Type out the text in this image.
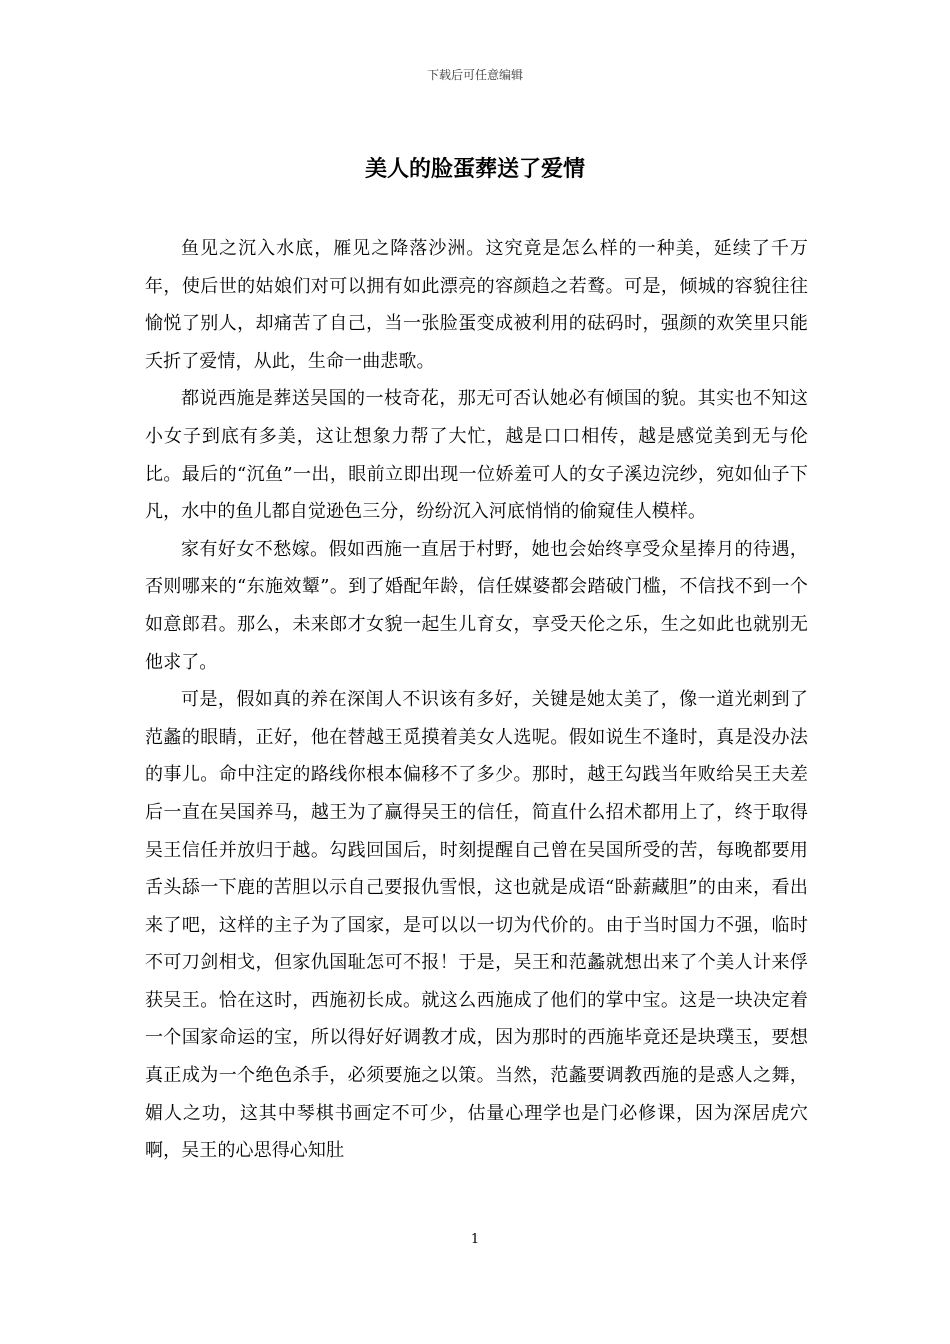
下载后可任意编辑
美人的脸蛋葬送了爱情

鱼见之沉入水底，雁见之降落沙洲。这究竟是怎么样的一种美，延续了千万年，使后世的姑娘们对可以拥有如此漂亮的容颜趋之若鹜。可是，倾城的容貌往往愉悦了别人，却痛苦了自己，当一张脸蛋变成被利用的砝码时，强颜的欢笑里只能夭折了爱情，从此，生命一曲悲歌。

都说西施是葬送吴国的一枝奇花，那无可否认她必有倾国的貌。其实也不知这小女子到底有多美，这让想象力帮了大忙，越是口口相传，越是感觉美到无与伦比。最后的“沉鱼”一出，眼前立即出现一位娇羞可人的女子溪边浣纱，宛如仙子下凡，水中的鱼儿都自觉逊色三分，纷纷沉入河底悄悄的偷窥佳人模样。

家有好女不愁嫁。假如西施一直居于村野，她也会始终享受众星捧月的待遇，否则哪来的“东施效颦”。到了婚配年龄，信任媒婆都会踏破门槛，不信找不到一个如意郎君。那么，未来郎才女貌一起生儿育女，享受天伦之乐，生之如此也就别无他求了。

可是，假如真的养在深闺人不识该有多好，关键是她太美了，像一道光刺到了范蠡的眼睛，正好，他在替越王觅摸着美女人选呢。假如说生不逢时，真是没办法的事儿。命中注定的路线你根本偏移不了多少。那时，越王勾践当年败给吴王夫差后一直在吴国养马，越王为了赢得吴王的信任，简直什么招术都用上了，终于取得吴王信任并放归于越。勾践回国后，时刻提醒自己曾在吴国所受的苦，每晚都要用舌头舔一下鹿的苦胆以示自己要报仇雪恨，这也就是成语“卧薪藏胆”的由来，看出来了吧，这样的主子为了国家，是可以以一切为代价的。由于当时国力不强，临时不可刀剑相戈，但家仇国耻怎可不报！于是，吴王和范蠡就想出来了个美人计来俘获吴王。恰在这时，西施初长成。就这么西施成了他们的掌中宝。这是一块决定着一个国家命运的宝，所以得好好调教才成，因为那时的西施毕竟还是块璞玉，要想真正成为一个绝色杀手，必须要施之以策。当然，范蠡要调教西施的是惑人之舞，媚人之功，这其中琴棋书画定不可少，估量心理学也是门必修课，因为深居虎穴啊，吴王的心思得心知肚

1
